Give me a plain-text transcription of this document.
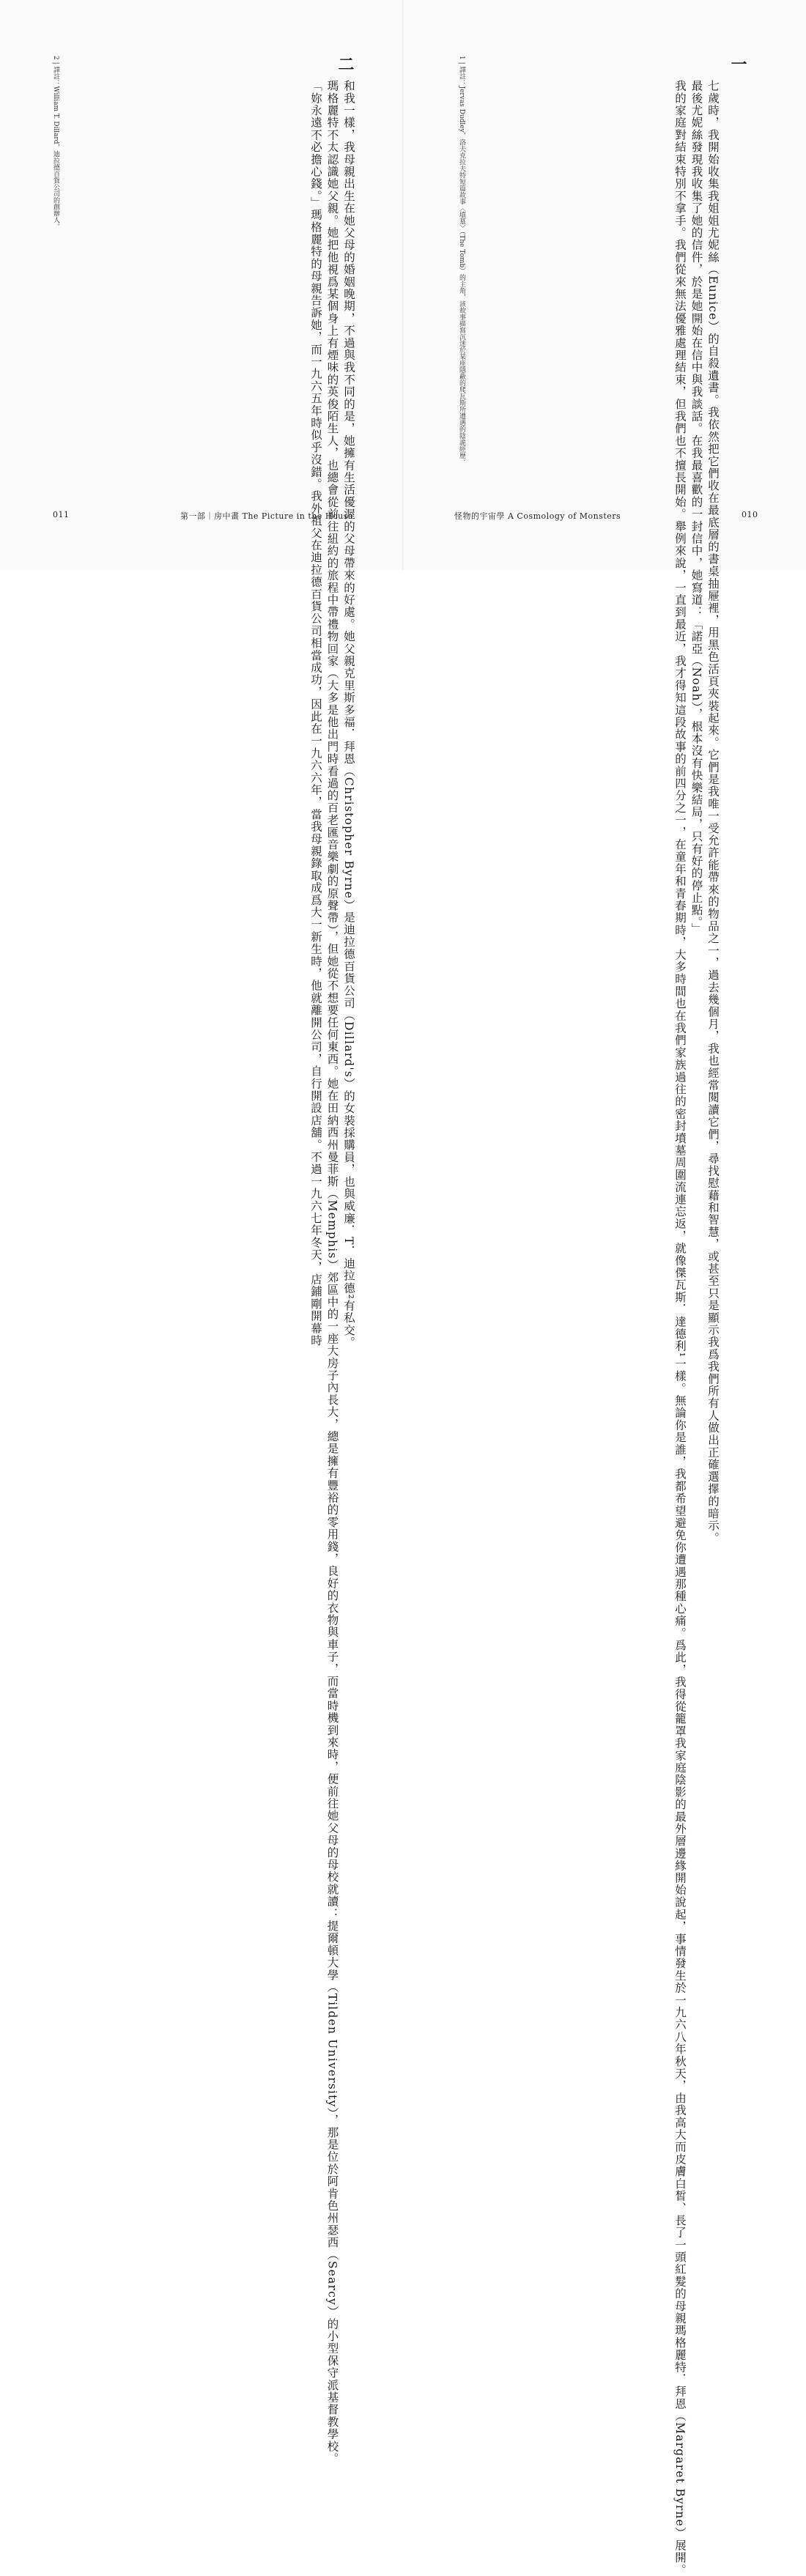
和我一樣，我母親出生在她父母的婚姻晚期，不過與我不同的是，她擁有生活優渥的父母帶來的好處。她父親克里斯多福．拜恩（Christopher Byrne）是迪拉德百貨公司（Dillard's）的女裝採購員，也與威廉．T．迪拉德²有私交。

瑪格麗特不太認識她父親。她把他視爲某個身上有煙味的英俊陌生人，也總會從前往紐約的旅程中帶禮物回家（大多是他出門時看過的百老匯音樂劇的原聲帶），但她從不想要任何東西。她在田納西州曼菲斯（Memphis）郊區中的一座大房子內長大，總是擁有豐裕的零用錢，良好的衣物與車子，而當時機到來時，便前往她父母的母校就讀：提爾頓大學（Tilden University），那是位於阿肯色州瑟西（Searcy）的小型保守派基督教學校。

「妳永遠不必擔心錢。」瑪格麗特的母親告訴她，而一九六五年時似乎沒錯。我外祖父在迪拉德百貨公司相當成功，因此在一九六六年，當我母親錄取成爲大一新生時，他就離開公司，自行開設店舖。不過一九六七年冬天，店鋪剛開幕時

二
2 | 譯註：William T. Dillard，迪拉德百貨公司的創辦人。
011	第一部｜房中畫 The Picture in the House	七歲時，我開始收集我姐姐尤妮絲（Eunice）的自殺遺書。我依然把它們收在最底層的書桌抽屜裡，用黑色活頁夾裝起來。它們是我唯一受允許能帶來的物品之一，過去幾個月，我也經常閱讀它們，尋找慰藉和智慧，或甚至只是顯示我爲我們所有人做出正確選擇的暗示。

最後尤妮絲發現我收集了她的信件，於是她開始在信中與我談話。在我最喜歡的一封信中，她寫道：「諾亞（Noah），根本沒有快樂結局，只有好的停止點。」

我的家庭對結束特別不拿手。我們從來無法優雅處理結束，但我們也不擅長開始。舉例來說，一直到最近，我才得知這段故事的前四分之一，在童年和青春期時，大多時間也在我們家族過往的密封墳墓周圍流連忘返，就像傑瓦斯．達德利¹一樣。無論你是誰，我都希望避免你遭遇那種心痛。爲此，我得從籠罩我家庭陰影的最外層邊緣開始說起，事情發生於一九六八年秋天，由我高大而皮膚白皙、長了一頭紅髮的母親瑪格麗特．拜恩（Margaret Byrne）展開。

一
1 | 譯註：Jervas Dudley，洛夫克拉夫特短篇故事〈墳墓〉（The Tomb）的主角，該故事描寫沉迷於某座隱蔽的爬瓦斯所遭遇的陰詭經歷。
怪物的宇宙學 A Cosmology of Monsters	010
